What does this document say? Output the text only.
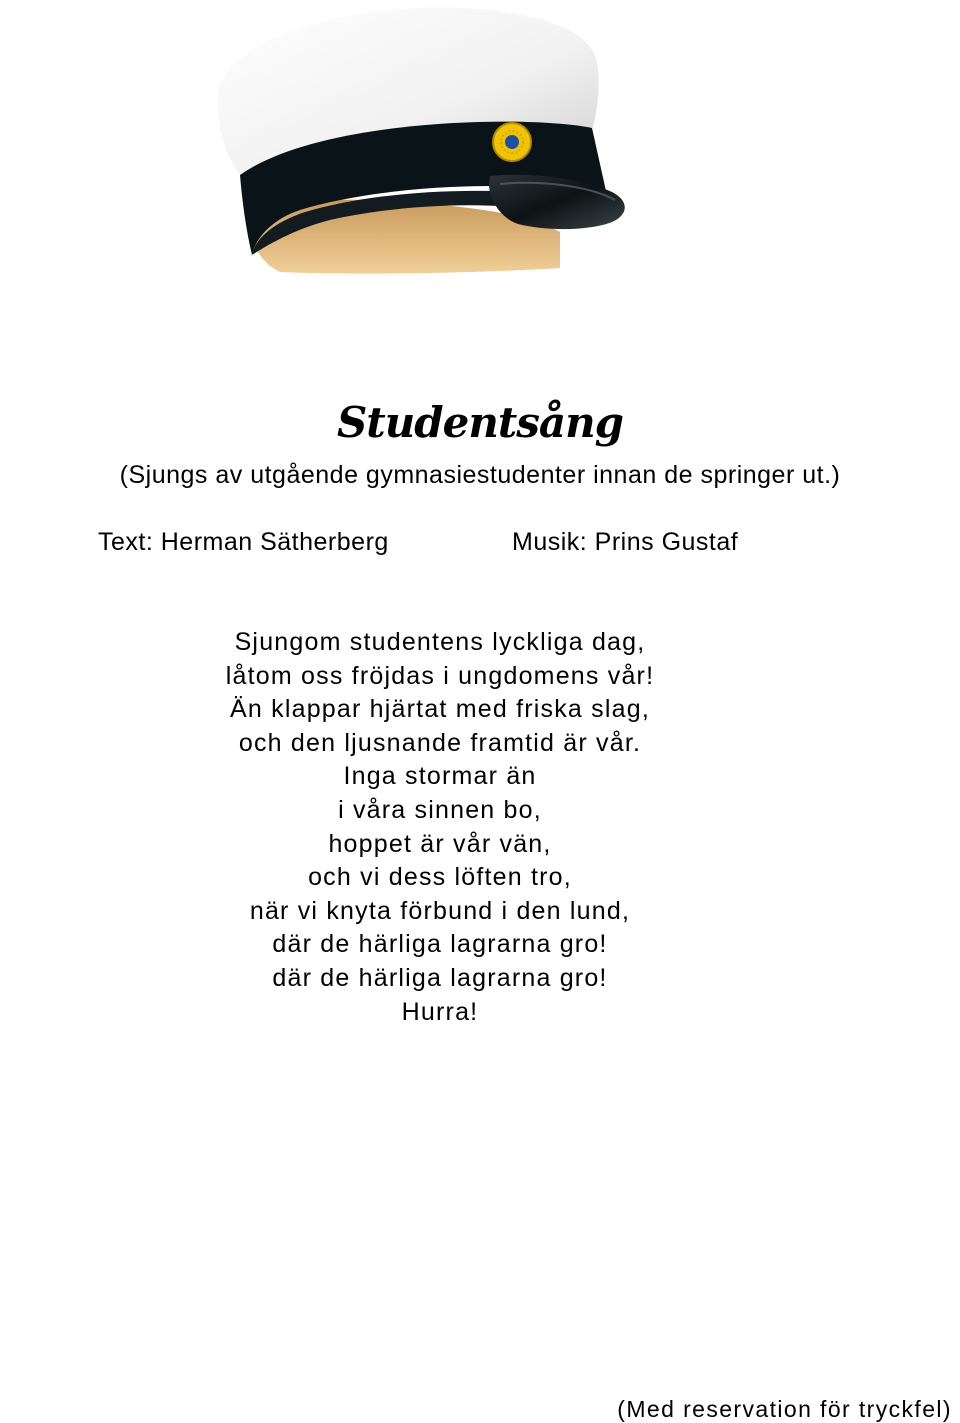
Studentsång
(Sjungs av utgående gymnasiestudenter innan de springer ut.)
Text: Herman Sätherberg	Musik: Prins Gustaf
Sjungom studentens lyckliga dag,
låtom oss fröjdas i ungdomens vår!
Än klappar hjärtat med friska slag,
och den ljusnande framtid är vår.
Inga stormar än
i våra sinnen bo,
hoppet är vår vän,
och vi dess löften tro,
när vi knyta förbund i den lund,
där de härliga lagrarna gro!
där de härliga lagrarna gro!
Hurra!
(Med reservation för tryckfel)
